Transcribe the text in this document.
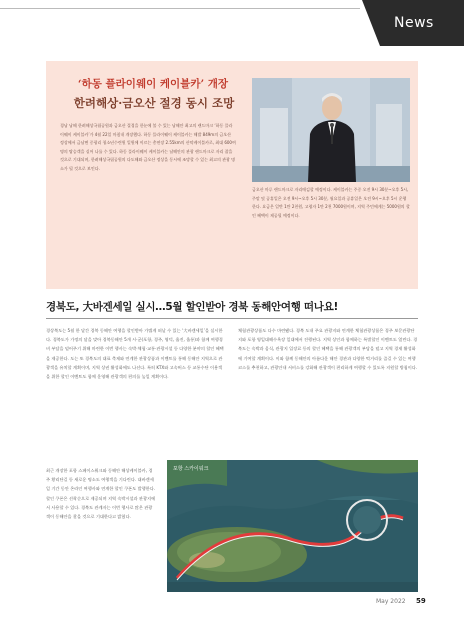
News
‘하동 플라이웨이 케이블카’ 개장
한려해상·금오산 절경 동시 조망
경남 남해 한려해상국립공원과 금오산 절경을 한눈에 볼 수 있는 남해안 최고의 랜드마크 ‘하동 플라이웨이 케이블카’가 4월 22일 마침내 개장했다. 하동 플라이웨이 케이블카는 해발 849m의 금오산 정상에서 금남면 중평리 청소년수련원 일원에 이르는 총연장 2.55km의 산악케이블카로, 최대 600여 명의 탑승객을 실어 나를 수 있다. 하동 플라이웨이 케이블카는 남해안의 관광 랜드마크로 자리 잡을 것으로 기대되며, 한려해상국립공원의 다도해와 금오산 정상을 동시에 조망할 수 있는 최고의 관광 명소가 될 것으로 보인다.
금오산 마루 랜드마크로 자리매김할 예정이다. 케이블카는 주중 오전 9시 30분~오후 5시, 주말 및 공휴일은 오전 9시~오후 5시 30분, 월요일과 공휴일은 오전 9시~오후 5시 운행한다. 요금은 일반 1만 2천원, 고령자 1만 2천 7000원이며, 지역 주민에게는 5000원의 할인 혜택이 제공될 예정이다.
경북도, 大바겐세일 실시…5월 할인받아 경북 동해안여행 떠나요!
경상북도는 5월 한 달간 경북 동해안 여행을 할인받아 가볍게 떠날 수 있는 ‘大바겐세일’을 실시한다. 경북도가 가정의 달을 맞아 경북동해안 5개 시·군(포항, 경주, 영덕, 울진, 울릉)과 함께 여행경비 부담을 덜어주기 위해 마련한 이번 행사는 숙박·체험·교통·관광시설 등 다양한 분야의 할인 혜택을 제공한다. 도는 또 경북도의 대표 축제와 연계한 관광상품과 이벤트를 통해 동해안 지역으로 관광객을 유치할 계획이며, 지역 상권 활성화에도 나선다. 특히 KTX와 고속버스 등 교통수단 이용객을 위한 할인 이벤트도 함께 운영해 관광객의 편의를 높일 계획이다.
체험관광상품도 다수 마련됐다. 경북 도내 주요 관광지와 연계한 체험관광상품은 경주 보문관광단지와 포항 영일대해수욕장 일대에서 진행된다. 지역 상인과 함께하는 특별할인 이벤트도 열린다. 경북도는 숙박과 음식, 관광지 입장료 등의 할인 혜택을 통해 관광객의 부담을 덜고 지역 경제 활성화에 기여할 계획이다. 이와 함께 동해안의 아름다운 해안 경관과 다양한 먹거리를 즐길 수 있는 여행 코스를 추천하고, 관광안내 서비스를 강화해 관광객이 편리하게 여행할 수 있도록 지원할 방침이다.
최근 개장한 포항 스페이스워크와 동해안 해상케이블카, 경주 황리단길 등 새로운 명소도 여행객을 기다린다. 대바겐세일 기간 동안 온라인 여행사와 연계한 할인 쿠폰도 발행한다. 할인 쿠폰은 선착순으로 제공되며 지역 숙박시설과 관광지에서 사용할 수 있다. 경북도 관계자는 이번 행사로 많은 관광객이 동해안을 찾을 것으로 기대한다고 밝혔다.
포항 스카이워크
May 2022 59
